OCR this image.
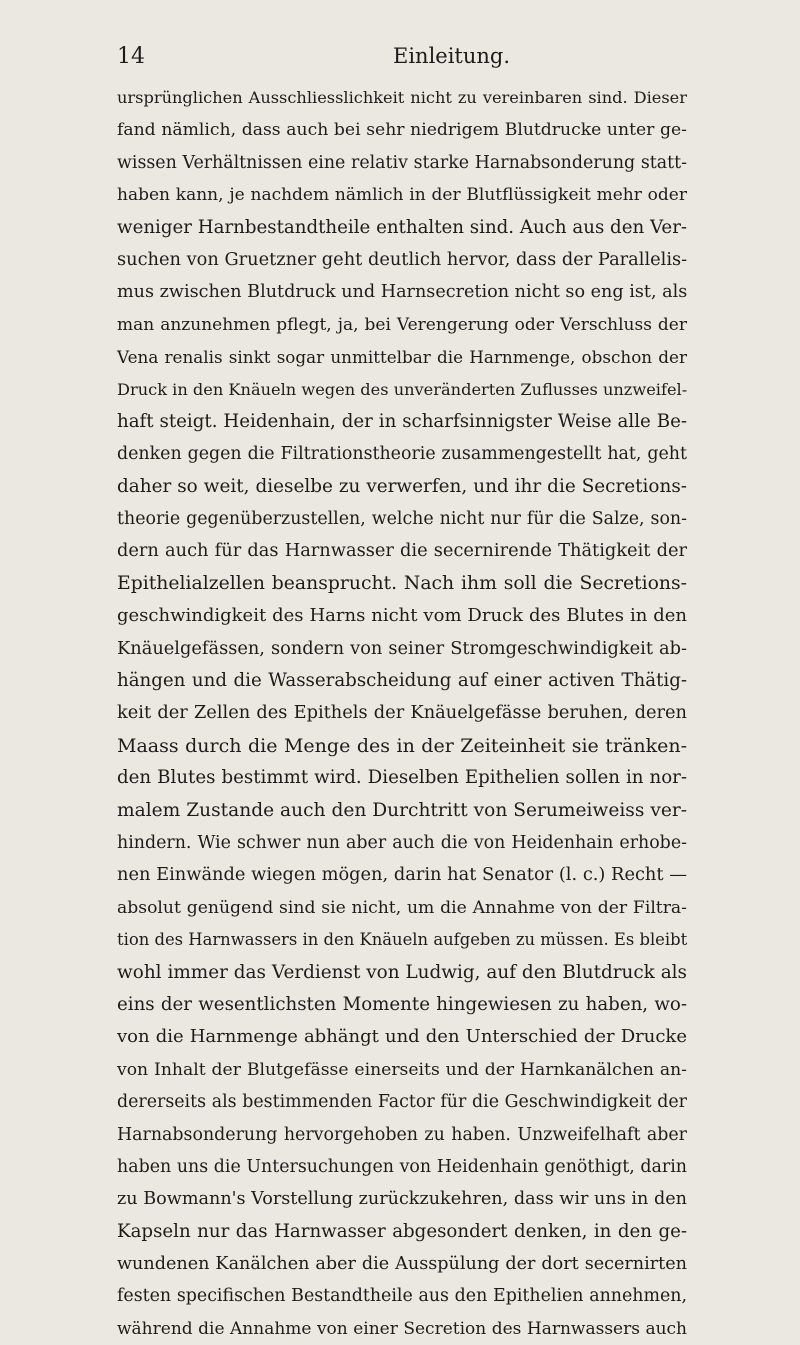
14	Einleitung.
ursprünglichen Ausschliesslichkeit nicht zu vereinbaren sind. Dieser
fand nämlich, dass auch bei sehr niedrigem Blutdrucke unter ge-
wissen Verhältnissen eine relativ starke Harnabsonderung statt-
haben kann, je nachdem nämlich in der Blutflüssigkeit mehr oder
weniger Harnbestandtheile enthalten sind. Auch aus den Ver-
suchen von Gruetzner geht deutlich hervor, dass der Parallelis-
mus zwischen Blutdruck und Harnsecretion nicht so eng ist, als
man anzunehmen pflegt, ja, bei Verengerung oder Verschluss der
Vena renalis sinkt sogar unmittelbar die Harnmenge, obschon der
Druck in den Knäueln wegen des unveränderten Zuflusses unzweifel-
haft steigt. Heidenhain, der in scharfsinnigster Weise alle Be-
denken gegen die Filtrationstheorie zusammengestellt hat, geht
daher so weit, dieselbe zu verwerfen, und ihr die Secretions-
theorie gegenüberzustellen, welche nicht nur für die Salze, son-
dern auch für das Harnwasser die secernirende Thätigkeit der
Epithelialzellen beansprucht. Nach ihm soll die Secretions-
geschwindigkeit des Harns nicht vom Druck des Blutes in den
Knäuelgefässen, sondern von seiner Stromgeschwindigkeit ab-
hängen und die Wasserabscheidung auf einer activen Thätig-
keit der Zellen des Epithels der Knäuelgefässe beruhen, deren
Maass durch die Menge des in der Zeiteinheit sie tränken-
den Blutes bestimmt wird. Dieselben Epithelien sollen in nor-
malem Zustande auch den Durchtritt von Serumeiweiss ver-
hindern. Wie schwer nun aber auch die von Heidenhain erhobe-
nen Einwände wiegen mögen, darin hat Senator (l. c.) Recht —
absolut genügend sind sie nicht, um die Annahme von der Filtra-
tion des Harnwassers in den Knäueln aufgeben zu müssen. Es bleibt
wohl immer das Verdienst von Ludwig, auf den Blutdruck als
eins der wesentlichsten Momente hingewiesen zu haben, wo-
von die Harnmenge abhängt und den Unterschied der Drucke
von Inhalt der Blutgefässe einerseits und der Harnkanälchen an-
dererseits als bestimmenden Factor für die Geschwindigkeit der
Harnabsonderung hervorgehoben zu haben. Unzweifelhaft aber
haben uns die Untersuchungen von Heidenhain genöthigt, darin
zu Bowmann's Vorstellung zurückzukehren, dass wir uns in den
Kapseln nur das Harnwasser abgesondert denken, in den ge-
wundenen Kanälchen aber die Ausspülung der dort secernirten
festen specifischen Bestandtheile aus den Epithelien annehmen,
während die Annahme von einer Secretion des Harnwassers auch
